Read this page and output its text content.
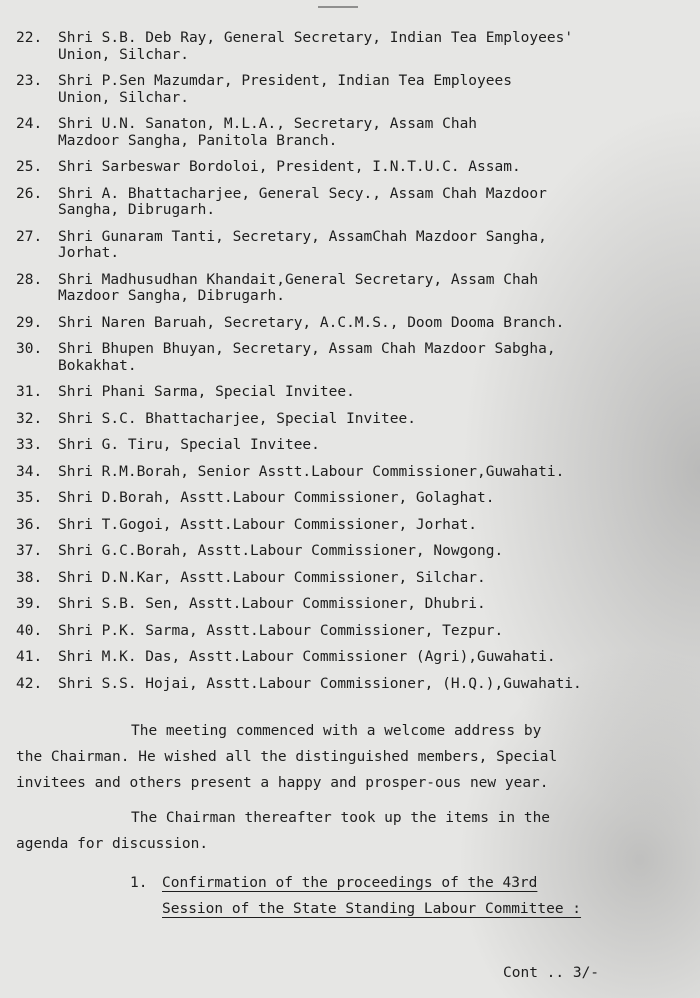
22.	Shri S.B. Deb Ray, General Secretary, Indian Tea Employees'
Union, Silchar.
23.	Shri P.Sen Mazumdar, President, Indian Tea Employees
Union, Silchar.
24.	Shri U.N. Sanaton, M.L.A., Secretary, Assam Chah
Mazdoor Sangha, Panitola Branch.
25.	Shri Sarbeswar Bordoloi, President, I.N.T.U.C. Assam.
26.	Shri A. Bhattacharjee, General Secy., Assam Chah Mazdoor
Sangha, Dibrugarh.
27.	Shri Gunaram Tanti, Secretary, AssamChah Mazdoor Sangha,
Jorhat.
28.	Shri Madhusudhan Khandait,General Secretary, Assam Chah
Mazdoor Sangha, Dibrugarh.
29.	Shri Naren Baruah, Secretary, A.C.M.S., Doom Dooma Branch.
30.	Shri Bhupen Bhuyan, Secretary, Assam Chah Mazdoor Sabgha,
Bokakhat.
31.	Shri Phani Sarma, Special Invitee.
32.	Shri S.C. Bhattacharjee, Special Invitee.
33.	Shri G. Tiru, Special Invitee.
34.	Shri R.M.Borah, Senior Asstt.Labour Commissioner,Guwahati.
35.	Shri D.Borah, Asstt.Labour Commissioner, Golaghat.
36.	Shri T.Gogoi, Asstt.Labour Commissioner, Jorhat.
37.	Shri G.C.Borah, Asstt.Labour Commissioner, Nowgong.
38.	Shri D.N.Kar, Asstt.Labour Commissioner, Silchar.
39.	Shri S.B. Sen, Asstt.Labour Commissioner, Dhubri.
40.	Shri P.K. Sarma, Asstt.Labour Commissioner, Tezpur.
41.	Shri M.K. Das, Asstt.Labour Commissioner (Agri),Guwahati.
42.	Shri S.S. Hojai, Asstt.Labour Commissioner, (H.Q.),Guwahati.
The meeting commenced with a welcome address by
the Chairman. He wished all the distinguished members, Special
invitees and others present a happy and prosper-ous new year.
The Chairman thereafter took up the items in the
agenda for discussion.
1.	Confirmation of the proceedings of the 43rd
Session of the State Standing Labour Committee :
Cont .. 3/-
